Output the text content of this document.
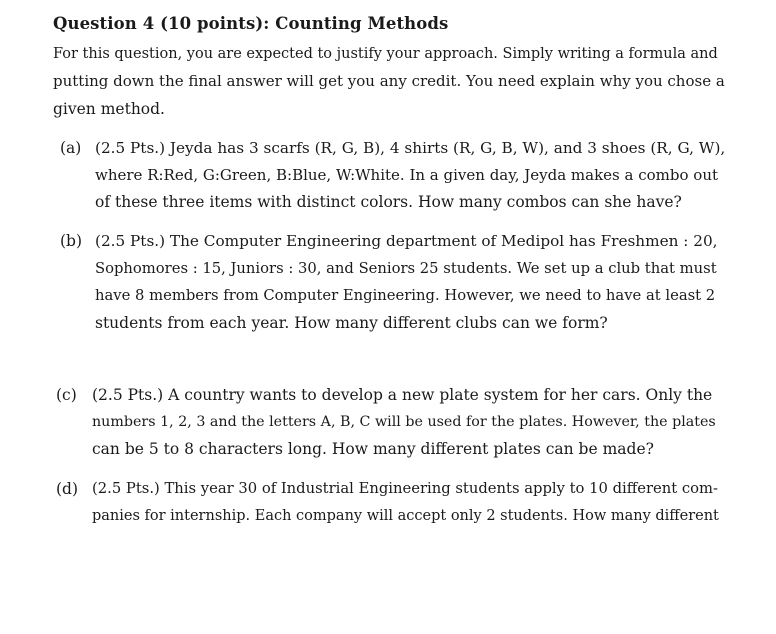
Question 4 (10 points): Counting Methods
For this question, you are expected to justify your approach. Simply writing a formula and
putting down the final answer will get you any credit. You need explain why you chose a
given method.
(a) (2.5 Pts.) Jeyda has 3 scarfs (R, G, B), 4 shirts (R, G, B, W), and 3 shoes (R, G, W),
where R:Red, G:Green, B:Blue, W:White. In a given day, Jeyda makes a combo out
of these three items with distinct colors. How many combos can she have?
(b) (2.5 Pts.) The Computer Engineering department of Medipol has Freshmen : 20,
Sophomores : 15, Juniors : 30, and Seniors 25 students. We set up a club that must
have 8 members from Computer Engineering. However, we need to have at least 2
students from each year. How many different clubs can we form?
(c) (2.5 Pts.) A country wants to develop a new plate system for her cars. Only the
numbers 1, 2, 3 and the letters A, B, C will be used for the plates. However, the plates
can be 5 to 8 characters long. How many different plates can be made?
(d) (2.5 Pts.) This year 30 of Industrial Engineering students apply to 10 different com-
panies for internship. Each company will accept only 2 students. How many different
